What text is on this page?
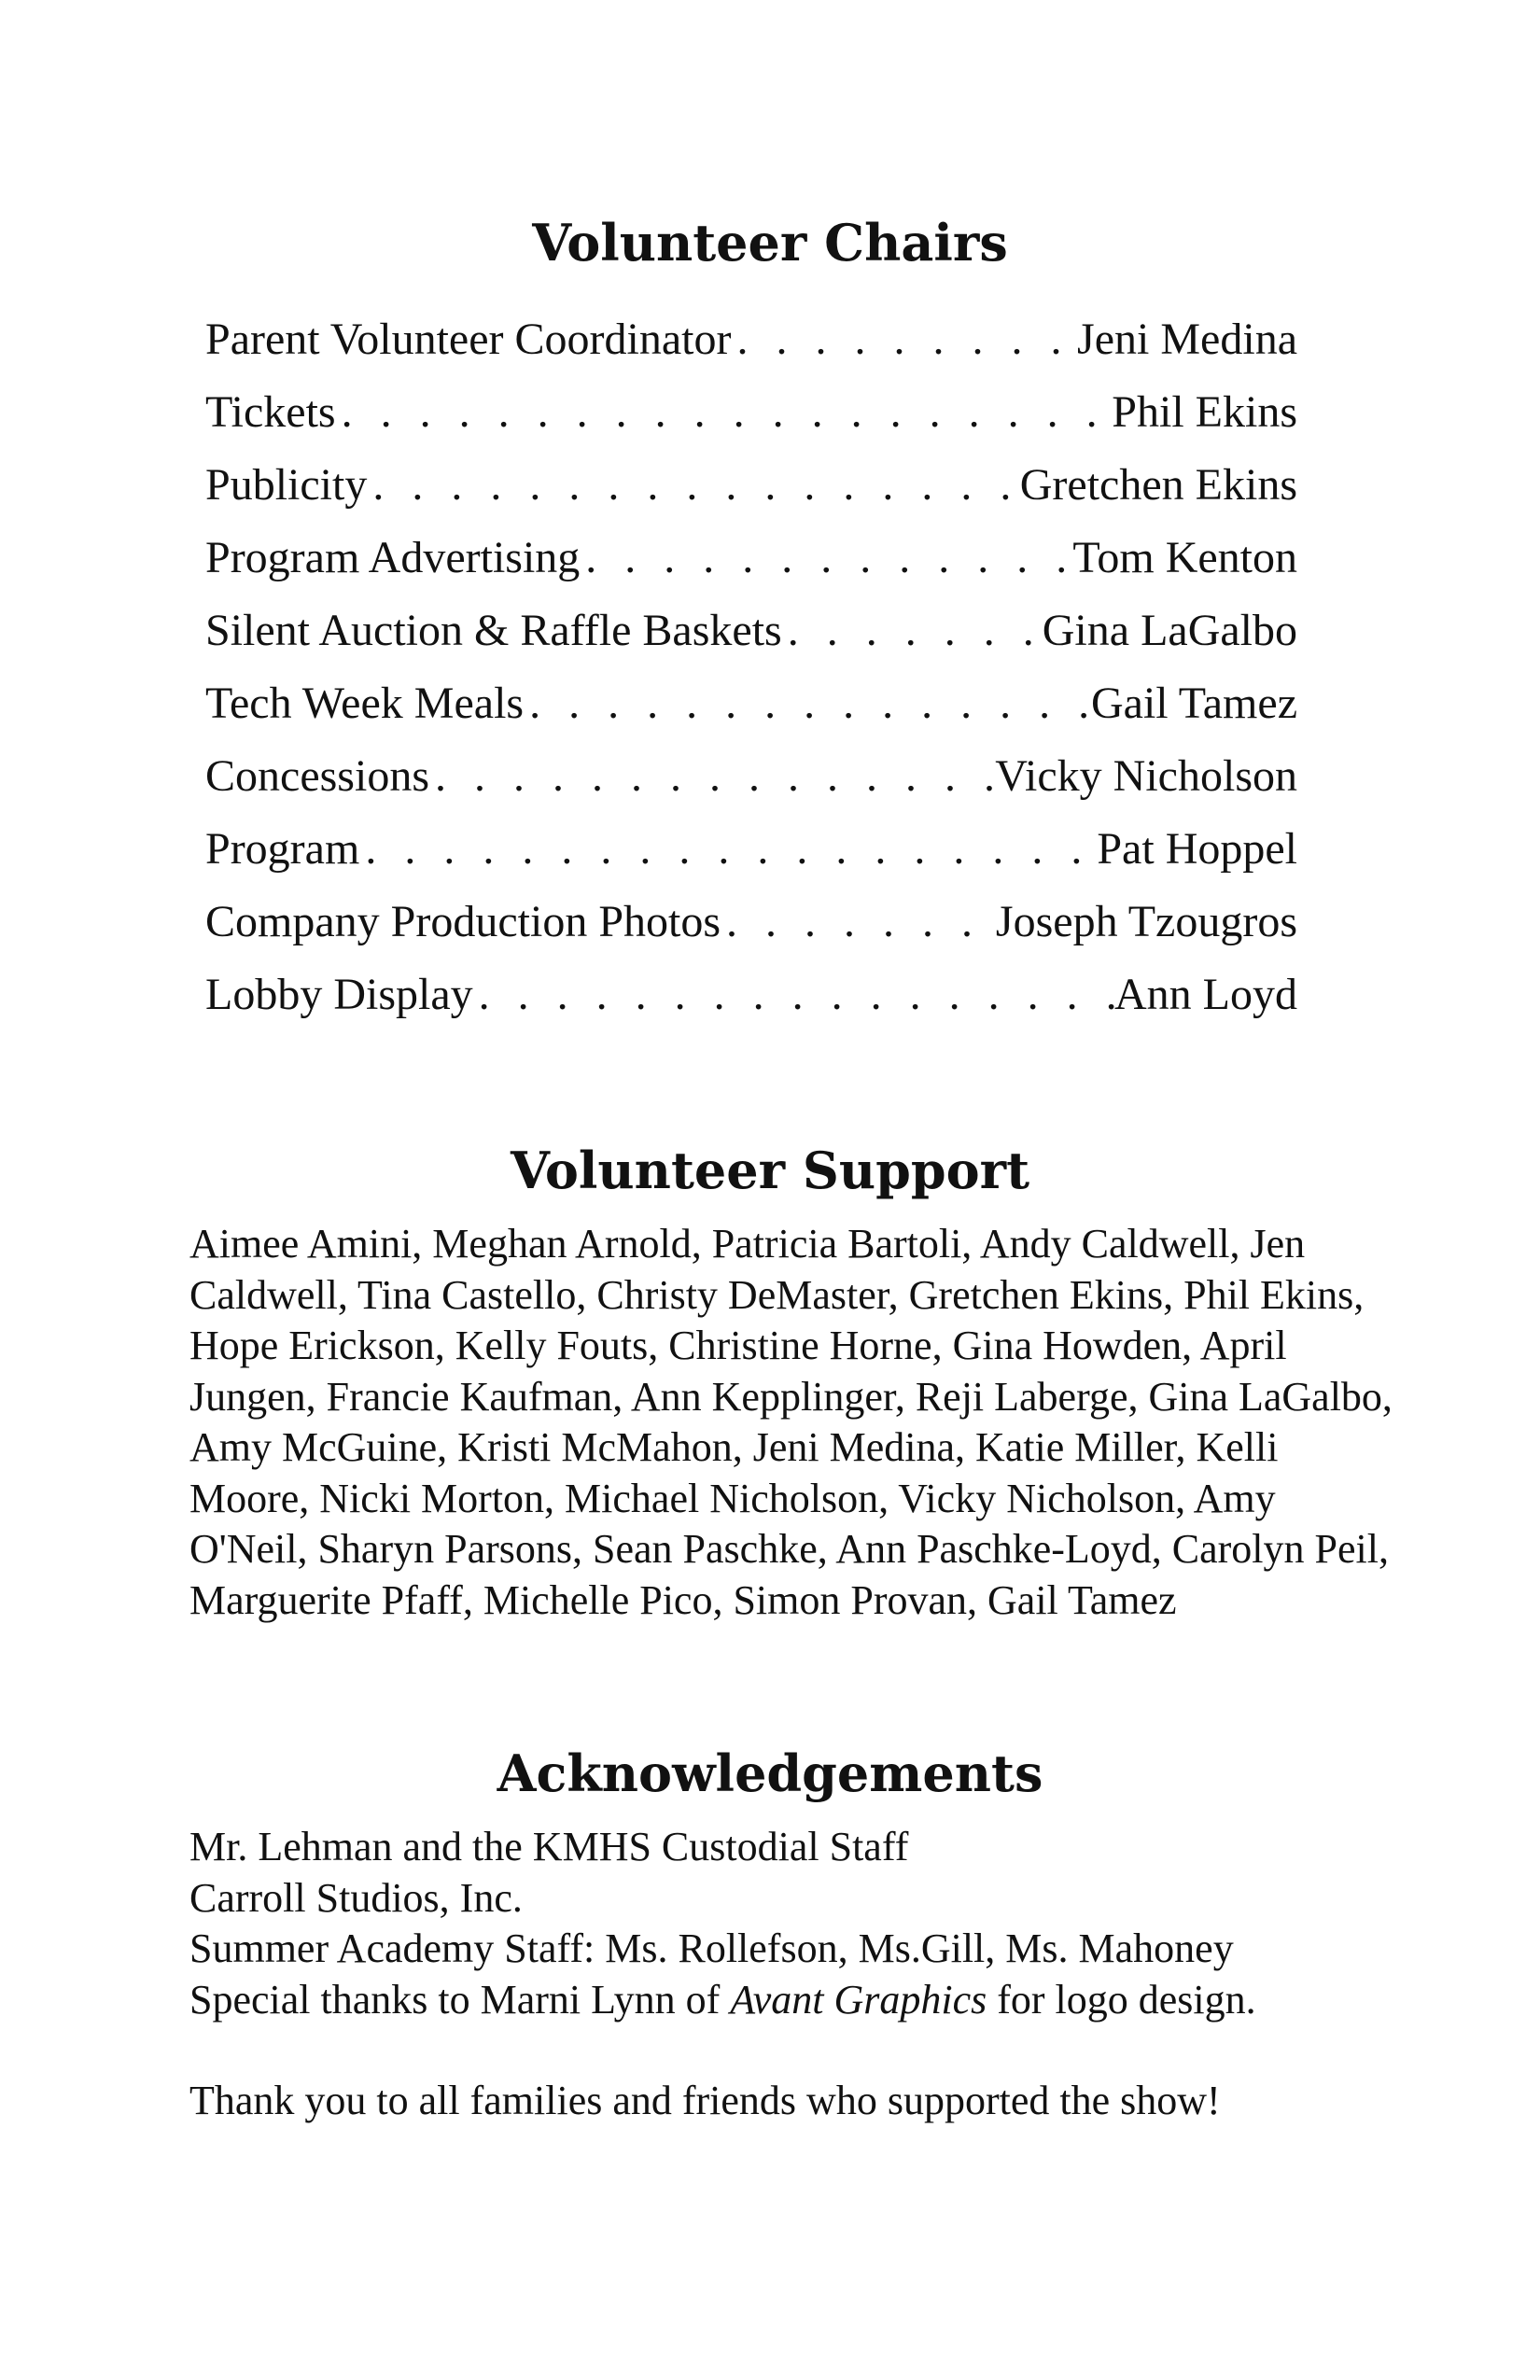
Volunteer Chairs
Parent Volunteer Coordinator . . .	Jeni Medina
Tickets . . .	Phil Ekins
Publicity . . .	Gretchen Ekins
Program Advertising . . .	Tom Kenton
Silent Auction & Raffle Baskets . . .	Gina LaGalbo
Tech Week Meals . . .	Gail Tamez
Concessions . . .	Vicky Nicholson
Program . . .	Pat Hoppel
Company Production Photos . . .	Joseph Tzougros
Lobby Display . . .	Ann Loyd
Volunteer Support

Aimee Amini, Meghan Arnold, Patricia Bartoli, Andy Caldwell, Jen Caldwell, Tina Castello, Christy DeMaster, Gretchen Ekins, Phil Ekins, Hope Erickson, Kelly Fouts, Christine Horne, Gina Howden, April Jungen, Francie Kaufman, Ann Kepplinger, Reji Laberge, Gina LaGalbo, Amy McGuine, Kristi McMahon, Jeni Medina, Katie Miller, Kelli Moore, Nicki Morton, Michael Nicholson, Vicky Nicholson, Amy O'Neil, Sharyn Parsons, Sean Paschke, Ann Paschke-Loyd, Carolyn Peil, Marguerite Pfaff, Michelle Pico, Simon Provan, Gail Tamez

Acknowledgements
Mr. Lehman and the KMHS Custodial Staff
Carroll Studios, Inc.
Summer Academy Staff: Ms. Rollefson, Ms.Gill, Ms. Mahoney
Special thanks to Marni Lynn of Avant Graphics for logo design.
Thank you to all families and friends who supported the show!
